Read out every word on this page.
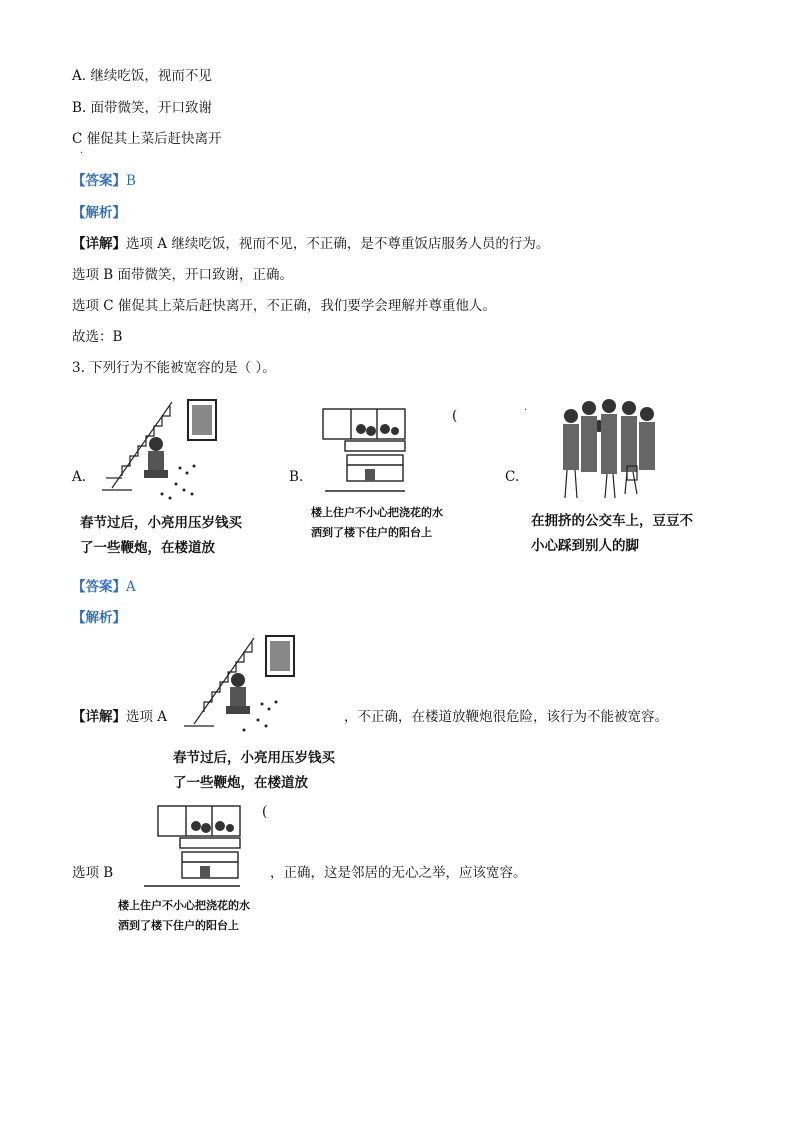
A. 继续吃饭，视而不见
B. 面带微笑，开口致谢
C 催促其上菜后赶快离开
·
【答案】B
【解析】
【详解】选项 A 继续吃饭，视而不见，不正确，是不尊重饭店服务人员的行为。
选项 B 面带微笑，开口致谢，正确。
选项 C 催促其上菜后赶快离开，不正确，我们要学会理解并尊重他人。
故选：B
3. 下列行为不能被宽容的是（ ）。
A.
春节过后，小亮用压岁钱买
了一些鞭炮，在楼道放
B.
(
楼上住户不小心把浇花的水
洒到了楼下住户的阳台上
C.
·
在拥挤的公交车上，豆豆不
小心踩到别人的脚
【答案】A
【解析】
【详解】选项 A	，不正确，在楼道放鞭炮很危险，该行为不能被宽容。
春节过后，小亮用压岁钱买
了一些鞭炮，在楼道放
选项 B
(
，正确，这是邻居的无心之举，应该宽容。
楼上住户不小心把浇花的水
洒到了楼下住户的阳台上
